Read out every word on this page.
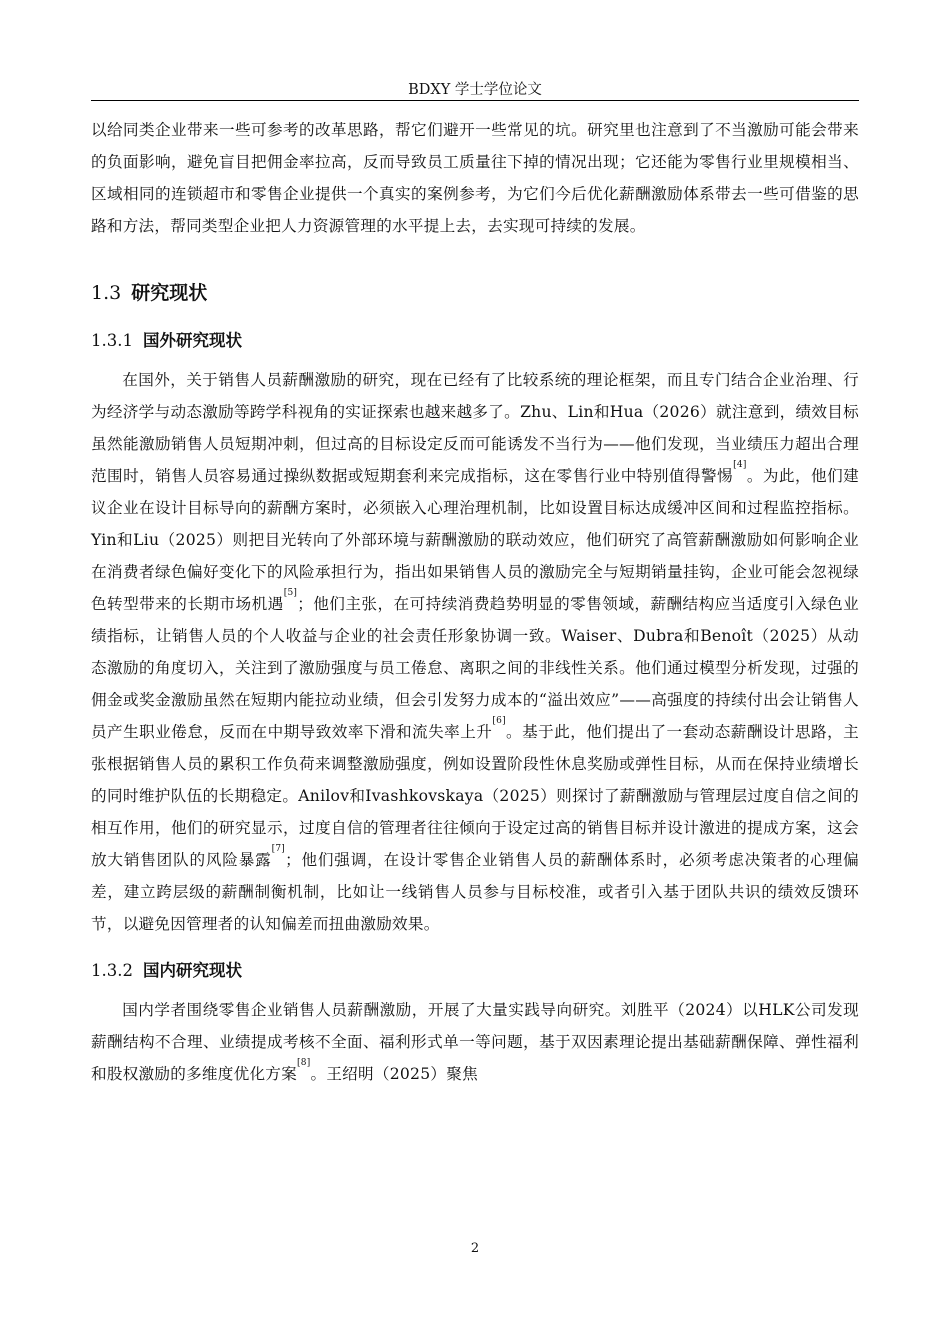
BDXY 学士学位论文

以给同类企业带来一些可参考的改革思路，帮它们避开一些常见的坑。研究里也注意到了不当激励可能会带来的负面影响，避免盲目把佣金率拉高，反而导致员工质量往下掉的情况出现；它还能为零售行业里规模相当、区域相同的连锁超市和零售企业提供一个真实的案例参考，为它们今后优化薪酬激励体系带去一些可借鉴的思路和方法，帮同类型企业把人力资源管理的水平提上去，去实现可持续的发展。

1.3 研究现状
1.3.1 国外研究现状

在国外，关于销售人员薪酬激励的研究，现在已经有了比较系统的理论框架，而且专门结合企业治理、行为经济学与动态激励等跨学科视角的实证探索也越来越多了。Zhu、Lin和Hua（2026）就注意到，绩效目标虽然能激励销售人员短期冲刺，但过高的目标设定反而可能诱发不当行为——他们发现，当业绩压力超出合理范围时，销售人员容易通过操纵数据或短期套利来完成指标，这在零售行业中特别值得警惕[4]。为此，他们建议企业在设计目标导向的薪酬方案时，必须嵌入心理治理机制，比如设置目标达成缓冲区间和过程监控指标。Yin和Liu（2025）则把目光转向了外部环境与薪酬激励的联动效应，他们研究了高管薪酬激励如何影响企业在消费者绿色偏好变化下的风险承担行为，指出如果销售人员的激励完全与短期销量挂钩，企业可能会忽视绿色转型带来的长期市场机遇[5]；他们主张，在可持续消费趋势明显的零售领域，薪酬结构应当适度引入绿色业绩指标，让销售人员的个人收益与企业的社会责任形象协调一致。Waiser、Dubra和Benoît（2025）从动态激励的角度切入，关注到了激励强度与员工倦怠、离职之间的非线性关系。他们通过模型分析发现，过强的佣金或奖金激励虽然在短期内能拉动业绩，但会引发努力成本的“溢出效应”——高强度的持续付出会让销售人员产生职业倦怠，反而在中期导致效率下滑和流失率上升[6]。基于此，他们提出了一套动态薪酬设计思路，主张根据销售人员的累积工作负荷来调整激励强度，例如设置阶段性休息奖励或弹性目标，从而在保持业绩增长的同时维护队伍的长期稳定。Anilov和Ivashkovskaya（2025）则探讨了薪酬激励与管理层过度自信之间的相互作用，他们的研究显示，过度自信的管理者往往倾向于设定过高的销售目标并设计激进的提成方案，这会放大销售团队的风险暴露[7]；他们强调，在设计零售企业销售人员的薪酬体系时，必须考虑决策者的心理偏差，建立跨层级的薪酬制衡机制，比如让一线销售人员参与目标校准，或者引入基于团队共识的绩效反馈环节，以避免因管理者的认知偏差而扭曲激励效果。

1.3.2 国内研究现状

国内学者围绕零售企业销售人员薪酬激励，开展了大量实践导向研究。刘胜平（2024）以HLK公司发现薪酬结构不合理、业绩提成考核不全面、福利形式单一等问题，基于双因素理论提出基础薪酬保障、弹性福利和股权激励的多维度优化方案[8]。王绍明（2025）聚焦

2
